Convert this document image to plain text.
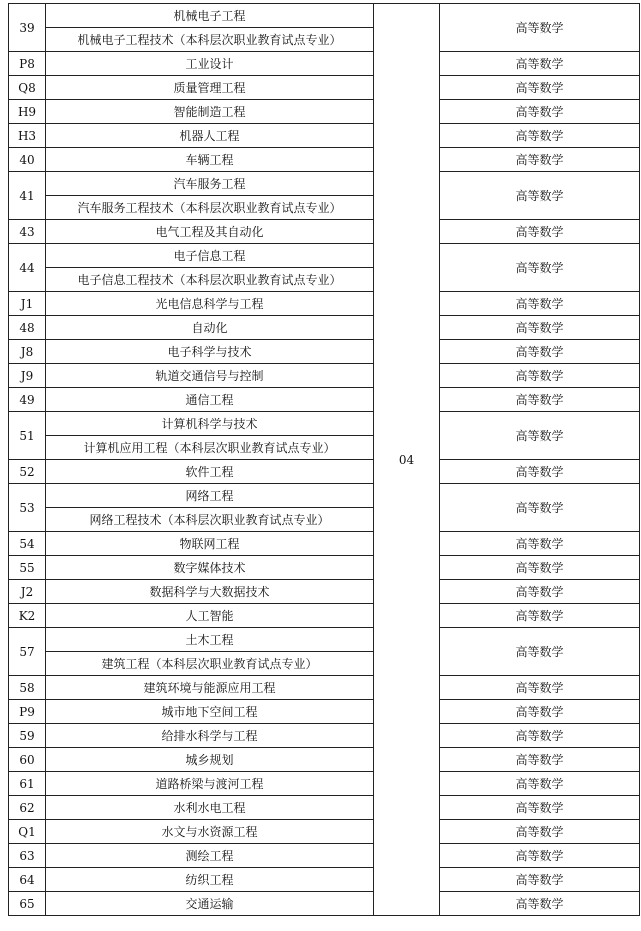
39	机械电子工程	04	高等数学
	机械电子工程技术（本科层次职业教育试点专业）		
P8	工业设计		高等数学
Q8	质量管理工程		高等数学
H9	智能制造工程		高等数学
H3	机器人工程		高等数学
40	车辆工程		高等数学
41	汽车服务工程		高等数学
	汽车服务工程技术（本科层次职业教育试点专业）		
43	电气工程及其自动化		高等数学
44	电子信息工程		高等数学
	电子信息工程技术（本科层次职业教育试点专业）		
J1	光电信息科学与工程		高等数学
48	自动化		高等数学
J8	电子科学与技术		高等数学
J9	轨道交通信号与控制		高等数学
49	通信工程		高等数学
51	计算机科学与技术		高等数学
	计算机应用工程（本科层次职业教育试点专业）		
52	软件工程		高等数学
53	网络工程		高等数学
	网络工程技术（本科层次职业教育试点专业）		
54	物联网工程		高等数学
55	数字媒体技术		高等数学
J2	数据科学与大数据技术		高等数学
K2	人工智能		高等数学
57	土木工程		高等数学
	建筑工程（本科层次职业教育试点专业）		
58	建筑环境与能源应用工程		高等数学
P9	城市地下空间工程		高等数学
59	给排水科学与工程		高等数学
60	城乡规划		高等数学
61	道路桥梁与渡河工程		高等数学
62	水利水电工程		高等数学
Q1	水文与水资源工程		高等数学
63	测绘工程		高等数学
64	纺织工程		高等数学
65	交通运输		高等数学
